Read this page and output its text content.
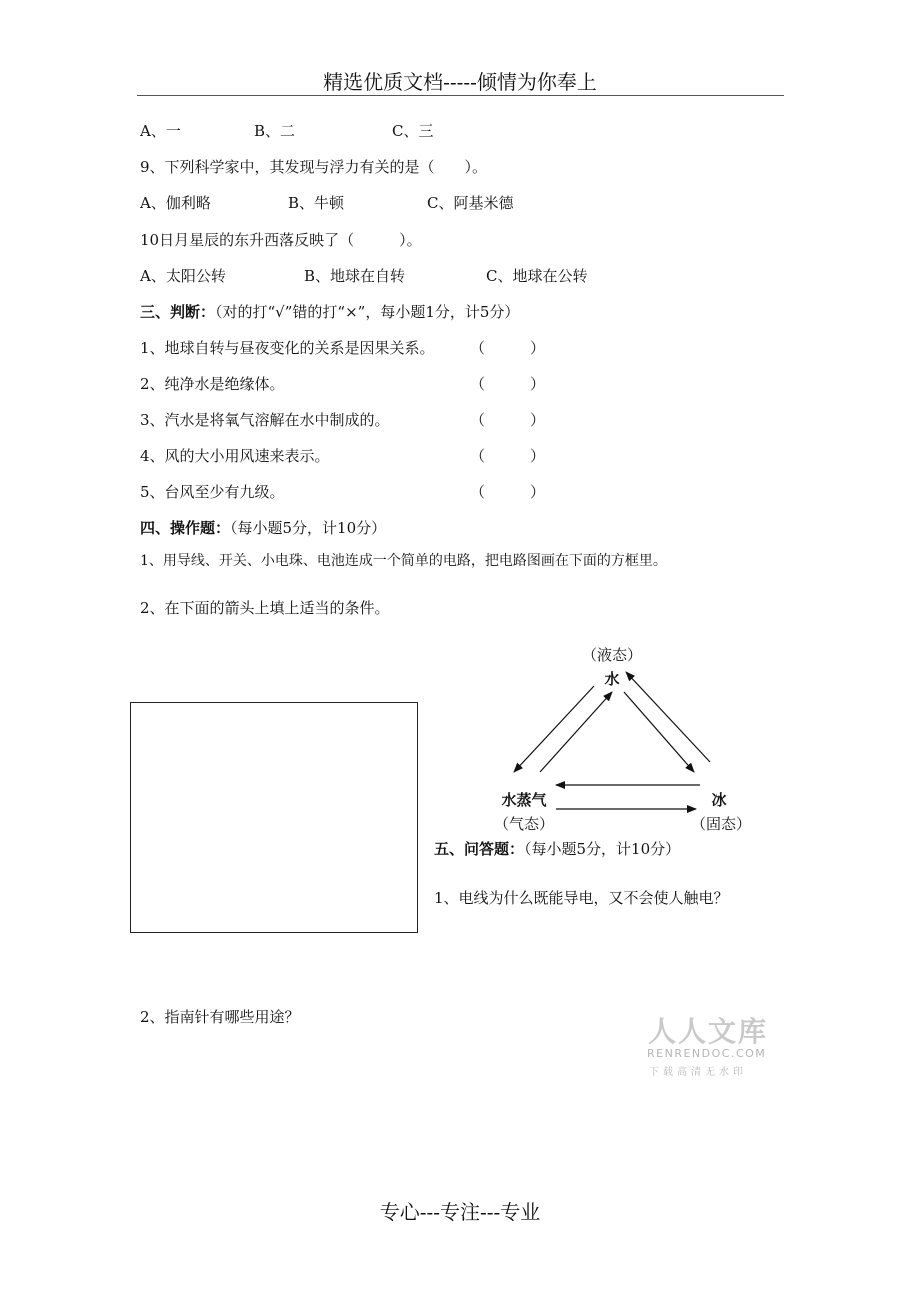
精选优质文档-----倾情为你奉上
A、一	B、二	C、三
9、下列科学家中，其发现与浮力有关的是（　　）。
A、伽利略	B、牛顿	C、阿基米德
10日月星辰的东升西落反映了（　　　）。
A、太阳公转	B、地球在自转	C、地球在公转
三、判断：（对的打“√”错的打“×”，每小题1分，计5分）
1、地球自转与昼夜变化的关系是因果关系。 （　　　）
2、纯净水是绝缘体。	（　　　）
3、汽水是将氧气溶解在水中制成的。	（　　　）
4、风的大小用风速来表示。	（　　　）
5、台风至少有九级。	（　　　）
四、操作题：（每小题5分，计10分）
1、用导线、开关、小电珠、电池连成一个简单的电路，把电路图画在下面的方框里。
2、在下面的箭头上填上适当的条件。
（液态）
水
水蒸气
（气态）
冰
（固态）
五、问答题：（每小题5分，计10分）
1、电线为什么既能导电，又不会使人触电？
2、指南针有哪些用途？	人人文库
RENRENDOC.COM
下载高清无水印
专心---专注---专业
